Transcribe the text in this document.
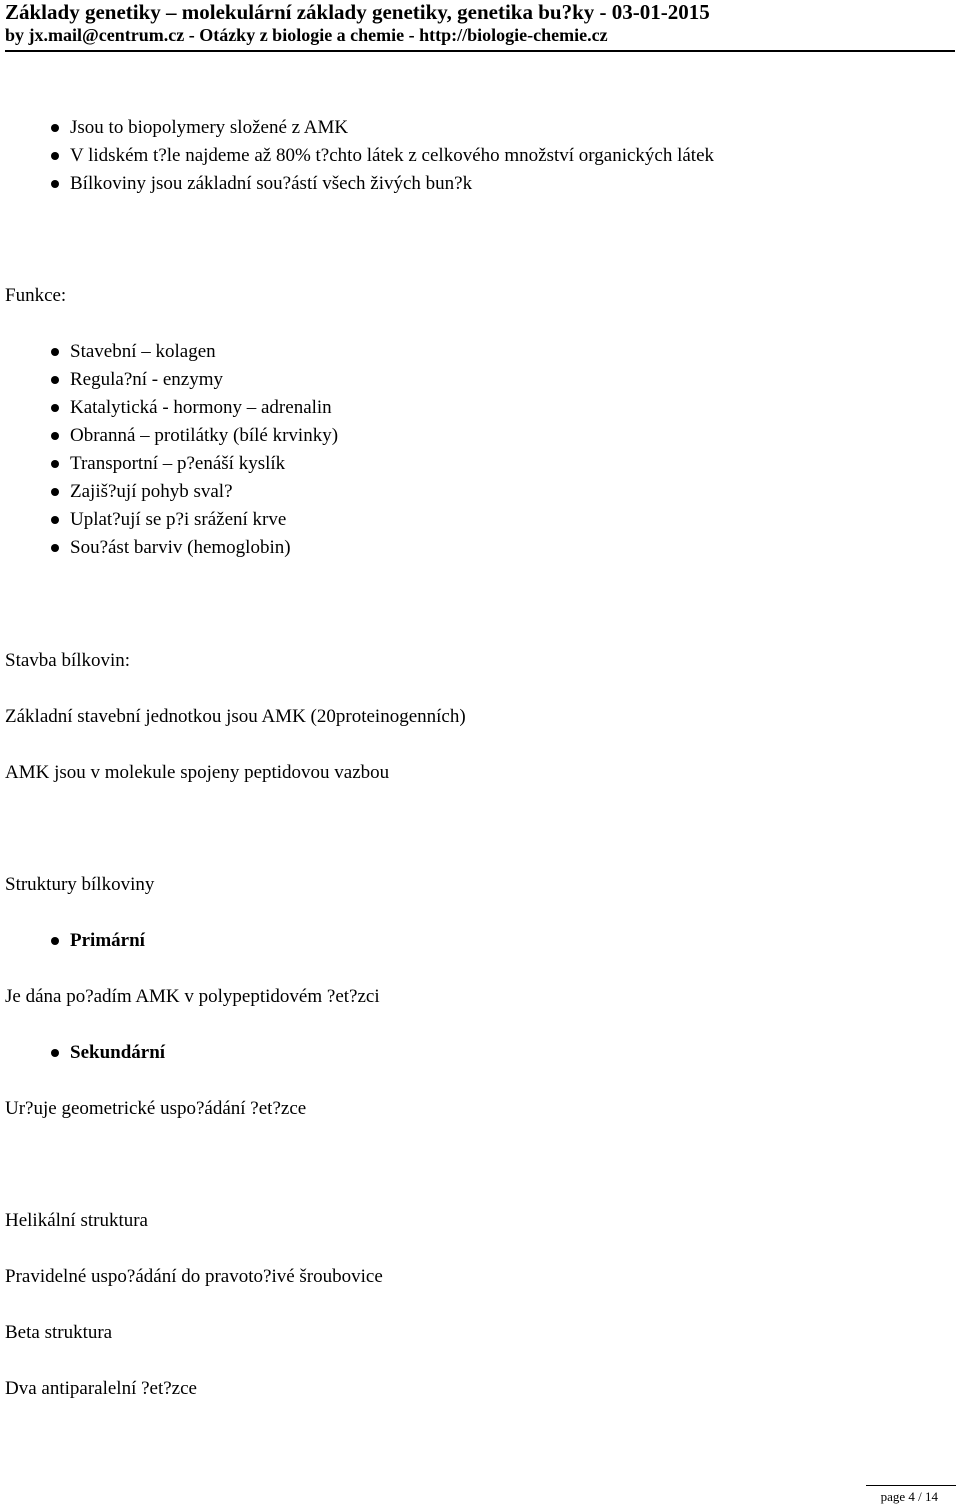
Základy genetiky – molekulární základy genetiky, genetika bu?ky - 03-01-2015

by jx.mail@centrum.cz - Otázky z biologie a chemie - http://biologie-chemie.cz

Jsou to biopolymery složené z AMK
V lidském t?le najdeme až 80% t?chto látek z celkového množství organických látek
Bílkoviny jsou základní sou?ástí všech živých bun?k

Funkce:

Stavební – kolagen
Regula?ní - enzymy
Katalytická - hormony – adrenalin
Obranná – protilátky (bílé krvinky)
Transportní – p?enáší kyslík
Zajiš?ují pohyb sval?
Uplat?ují se p?i srážení krve
Sou?ást barviv (hemoglobin)

Stavba bílkovin:

Základní stavební jednotkou jsou AMK (20proteinogenních)

AMK jsou v molekule spojeny peptidovou vazbou

Struktury bílkoviny

Primární

Je dána po?adím AMK v polypeptidovém ?et?zci

Sekundární

Ur?uje geometrické uspo?ádání ?et?zce

Helikální struktura

Pravidelné uspo?ádání do pravoto?ivé šroubovice

Beta struktura

Dva antiparalelní ?et?zce

page 4 / 14
